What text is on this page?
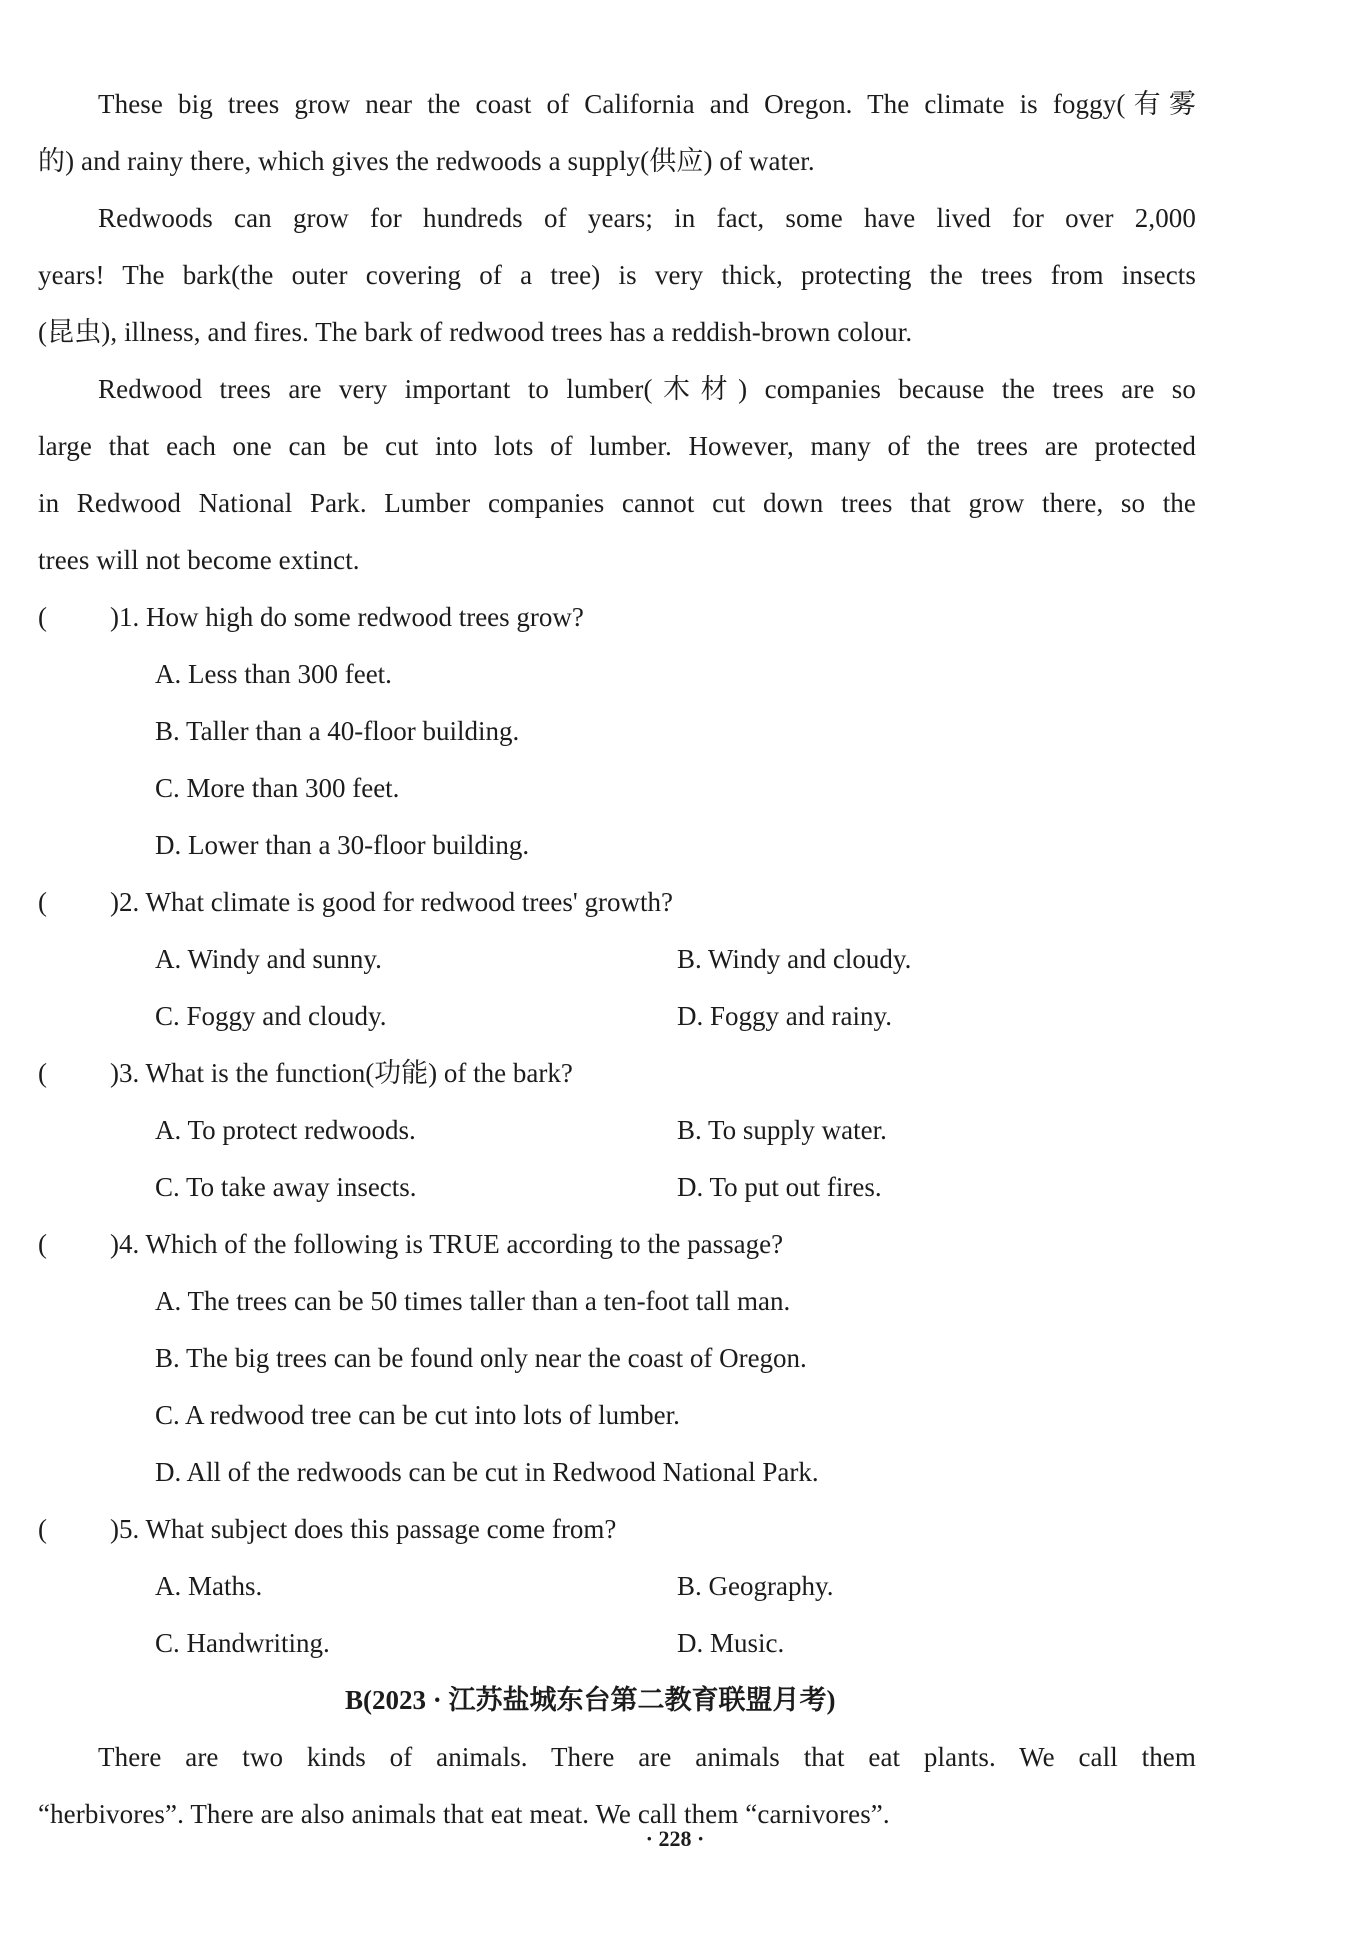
These big trees grow near the coast of California and Oregon. The climate is foggy(有雾
的) and rainy there, which gives the redwoods a supply(供应) of water.
Redwoods can grow for hundreds of years; in fact, some have lived for over 2,000
years! The bark(the outer covering of a tree) is very thick, protecting the trees from insects
(昆虫), illness, and fires. The bark of redwood trees has a reddish-brown colour.
Redwood trees are very important to lumber(木材) companies because the trees are so
large that each one can be cut into lots of lumber. However, many of the trees are protected
in Redwood National Park. Lumber companies cannot cut down trees that grow there, so the
trees will not become extinct.
( )1. How high do some redwood trees grow?
A. Less than 300 feet.
B. Taller than a 40-floor building.
C. More than 300 feet.
D. Lower than a 30-floor building.
( )2. What climate is good for redwood trees' growth?
A. Windy and sunny.	B. Windy and cloudy.
C. Foggy and cloudy.	D. Foggy and rainy.
( )3. What is the function(功能) of the bark?
A. To protect redwoods.	B. To supply water.
C. To take away insects.	D. To put out fires.
( )4. Which of the following is TRUE according to the passage?
A. The trees can be 50 times taller than a ten-foot tall man.
B. The big trees can be found only near the coast of Oregon.
C. A redwood tree can be cut into lots of lumber.
D. All of the redwoods can be cut in Redwood National Park.
( )5. What subject does this passage come from?
A. Maths.	B. Geography.
C. Handwriting.	D. Music.
B(2023 · 江苏盐城东台第二教育联盟月考)
There are two kinds of animals. There are animals that eat plants. We call them
“herbivores”. There are also animals that eat meat. We call them “carnivores”.
· 228 ·
